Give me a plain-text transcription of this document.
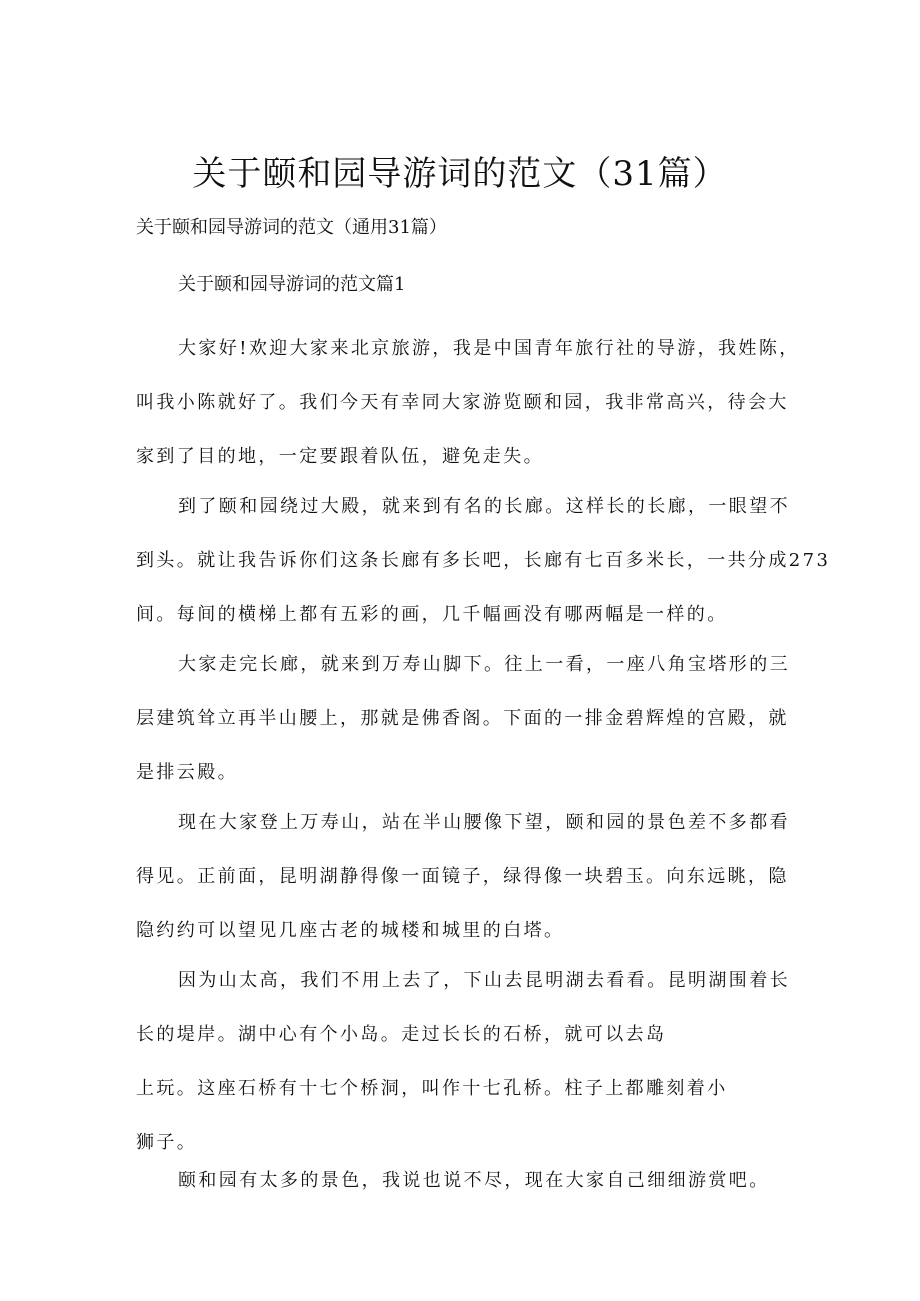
关于颐和园导游词的范文（31篇）

关于颐和园导游词的范文（通用31篇）

关于颐和园导游词的范文篇1

大家好!欢迎大家来北京旅游，我是中国青年旅行社的导游，我姓陈，
叫我小陈就好了。我们今天有幸同大家游览颐和园，我非常高兴，待会大
家到了目的地，一定要跟着队伍，避免走失。
到了颐和园绕过大殿，就来到有名的长廊。这样长的长廊，一眼望不
到头。就让我告诉你们这条长廊有多长吧，长廊有七百多米长，一共分成273
间。每间的横梯上都有五彩的画，几千幅画没有哪两幅是一样的。
大家走完长廊，就来到万寿山脚下。往上一看，一座八角宝塔形的三
层建筑耸立再半山腰上，那就是佛香阁。下面的一排金碧辉煌的宫殿，就
是排云殿。
现在大家登上万寿山，站在半山腰像下望，颐和园的景色差不多都看
得见。正前面，昆明湖静得像一面镜子，绿得像一块碧玉。向东远眺，隐
隐约约可以望见几座古老的城楼和城里的白塔。
因为山太高，我们不用上去了，下山去昆明湖去看看。昆明湖围着长
长的堤岸。湖中心有个小岛。走过长长的石桥，就可以去岛
上玩。这座石桥有十七个桥洞，叫作十七孔桥。柱子上都雕刻着小
狮子。
颐和园有太多的景色，我说也说不尽，现在大家自己细细游赏吧。
